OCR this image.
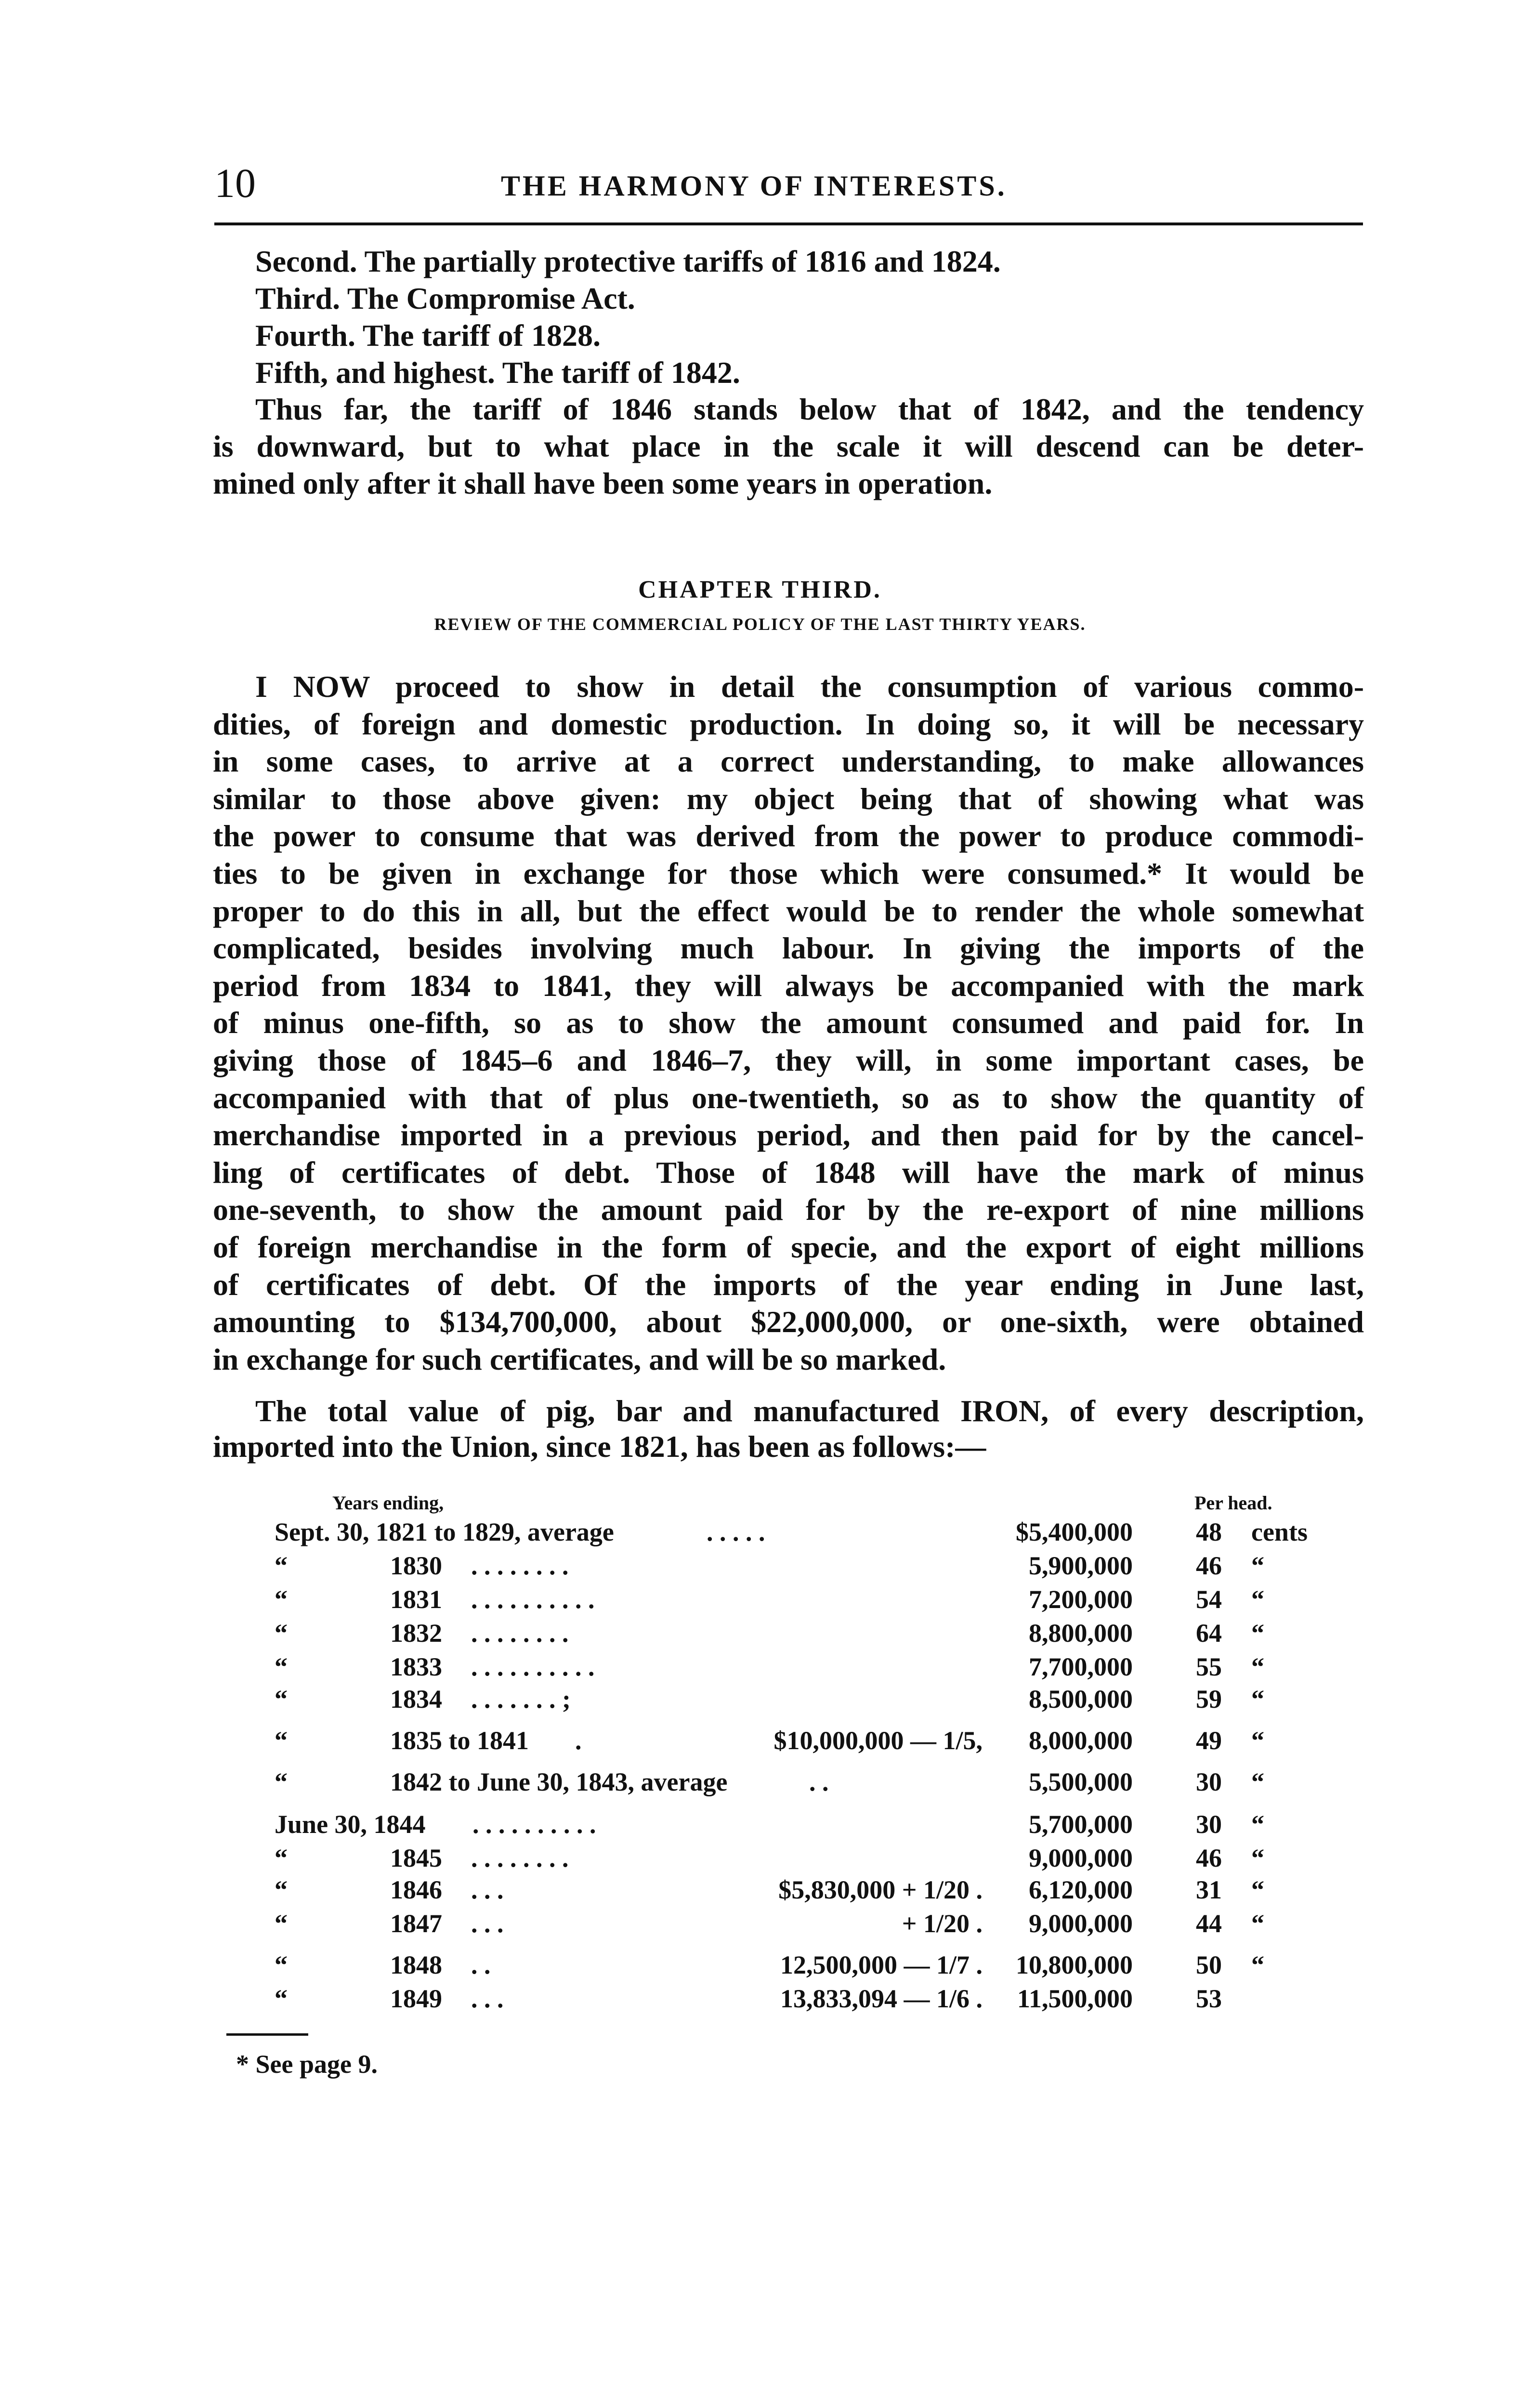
10	THE HARMONY OF INTERESTS.
Second. The partially protective tariffs of 1816 and 1824.
Third. The Compromise Act.
Fourth. The tariff of 1828.
Fifth, and highest. The tariff of 1842.
Thus far, the tariff of 1846 stands below that of 1842, and the tendency
is downward, but to what place in the scale it will descend can be deter-
mined only after it shall have been some years in operation.
I NOW proceed to show in detail the consumption of various commo-
dities, of foreign and domestic production. In doing so, it will be necessary
in some cases, to arrive at a correct understanding, to make allowances
similar to those above given: my object being that of showing what was
the power to consume that was derived from the power to produce commodi-
ties to be given in exchange for those which were consumed.* It would be
proper to do this in all, but the effect would be to render the whole somewhat
complicated, besides involving much labour. In giving the imports of the
period from 1834 to 1841, they will always be accompanied with the mark
of minus one-fifth, so as to show the amount consumed and paid for. In
giving those of 1845–6 and 1846–7, they will, in some important cases, be
accompanied with that of plus one-twentieth, so as to show the quantity of
merchandise imported in a previous period, and then paid for by the cancel-
ling of certificates of debt. Those of 1848 will have the mark of minus
one-seventh, to show the amount paid for by the re-export of nine millions
of foreign merchandise in the form of specie, and the export of eight millions
of certificates of debt. Of the imports of the year ending in June last,
amounting to $134,700,000, about $22,000,000, or one-sixth, were obtained
in exchange for such certificates, and will be so marked.
The total value of pig, bar and manufactured IRON, of every description,
imported into the Union, since 1821, has been as follows:—
CHAPTER THIRD.
REVIEW OF THE COMMERCIAL POLICY OF THE LAST THIRTY YEARS.
Years ending,	Per head.
Sept. 30, 1821 to 1829, average	. . . . .	$5,400,000 48 cents
“	1830 . . . . . . . .	5,900,000 46 “
“	1831 . . . . . . . . . .	7,200,000 54 “
“	1832 . . . . . . . .	8,800,000 64 “
“	1833 . . . . . . . . . .	7,700,000 55 “
“	1834 . . . . . . . ;	8,500,000 59 “
“	1835 to 1841 .	$10,000,000 — 1/5,	8,000,000 49 “
“	1842 to June 30, 1843, average	. .	5,500,000 30 “
June 30, 1844 . . . . . . . . . .	5,700,000 30 “
“	1845 . . . . . . . .	9,000,000 46 “
“	1846 . . .	$5,830,000 + 1/20 .	6,120,000 31 “
“	1847 . . .	+ 1/20 .	9,000,000 44 “
“	1848 . .	12,500,000 — 1/7 .	10,800,000 50 “
“	1849 . . .	13,833,094 — 1/6 .	11,500,000 53
* See page 9.
